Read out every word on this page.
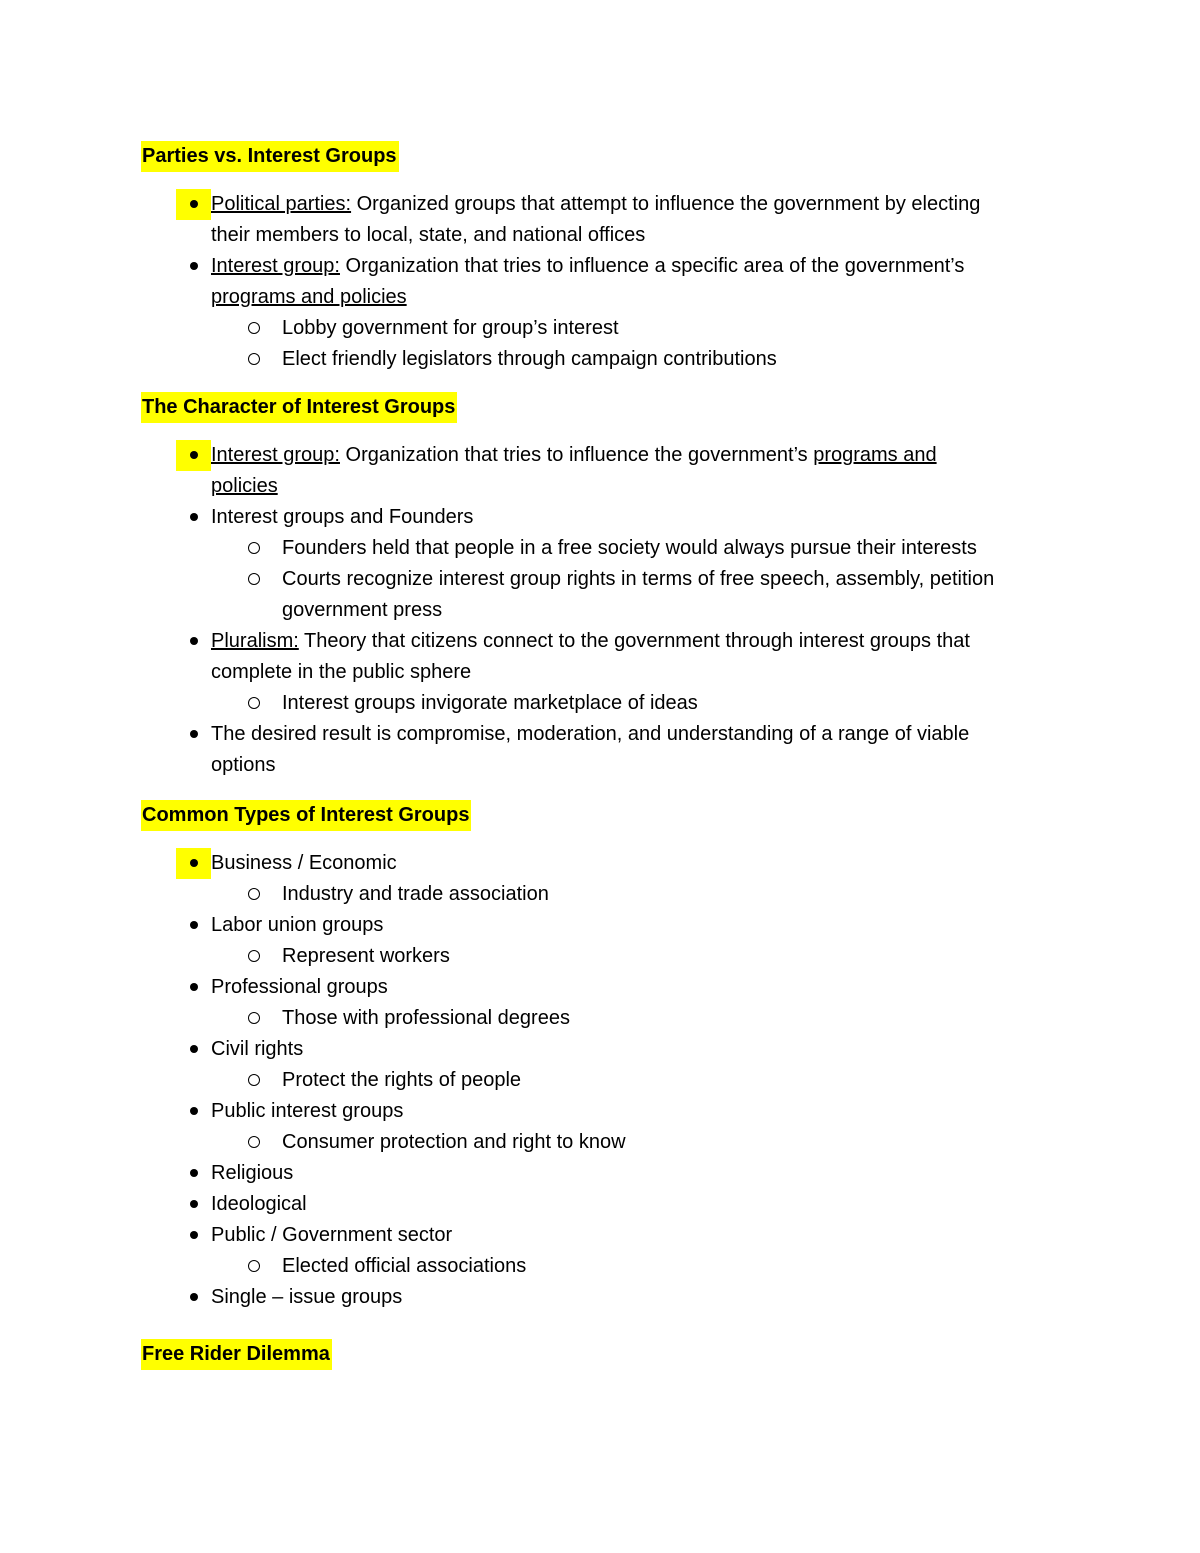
Parties vs. Interest Groups
Political parties: Organized groups that attempt to influence the government by electing
their members to local, state, and national offices
Interest group: Organization that tries to influence a specific area of the government’s
programs and policies
Lobby government for group’s interest
Elect friendly legislators through campaign contributions
The Character of Interest Groups
Interest group: Organization that tries to influence the government’s programs and
policies
Interest groups and Founders
Founders held that people in a free society would always pursue their interests
Courts recognize interest group rights in terms of free speech, assembly, petition
government press
Pluralism: Theory that citizens connect to the government through interest groups that
complete in the public sphere
Interest groups invigorate marketplace of ideas
The desired result is compromise, moderation, and understanding of a range of viable
options
Common Types of Interest Groups
Business / Economic
Industry and trade association
Labor union groups
Represent workers
Professional groups
Those with professional degrees
Civil rights
Protect the rights of people
Public interest groups
Consumer protection and right to know
Religious
Ideological
Public / Government sector
Elected official associations
Single – issue groups
Free Rider Dilemma
